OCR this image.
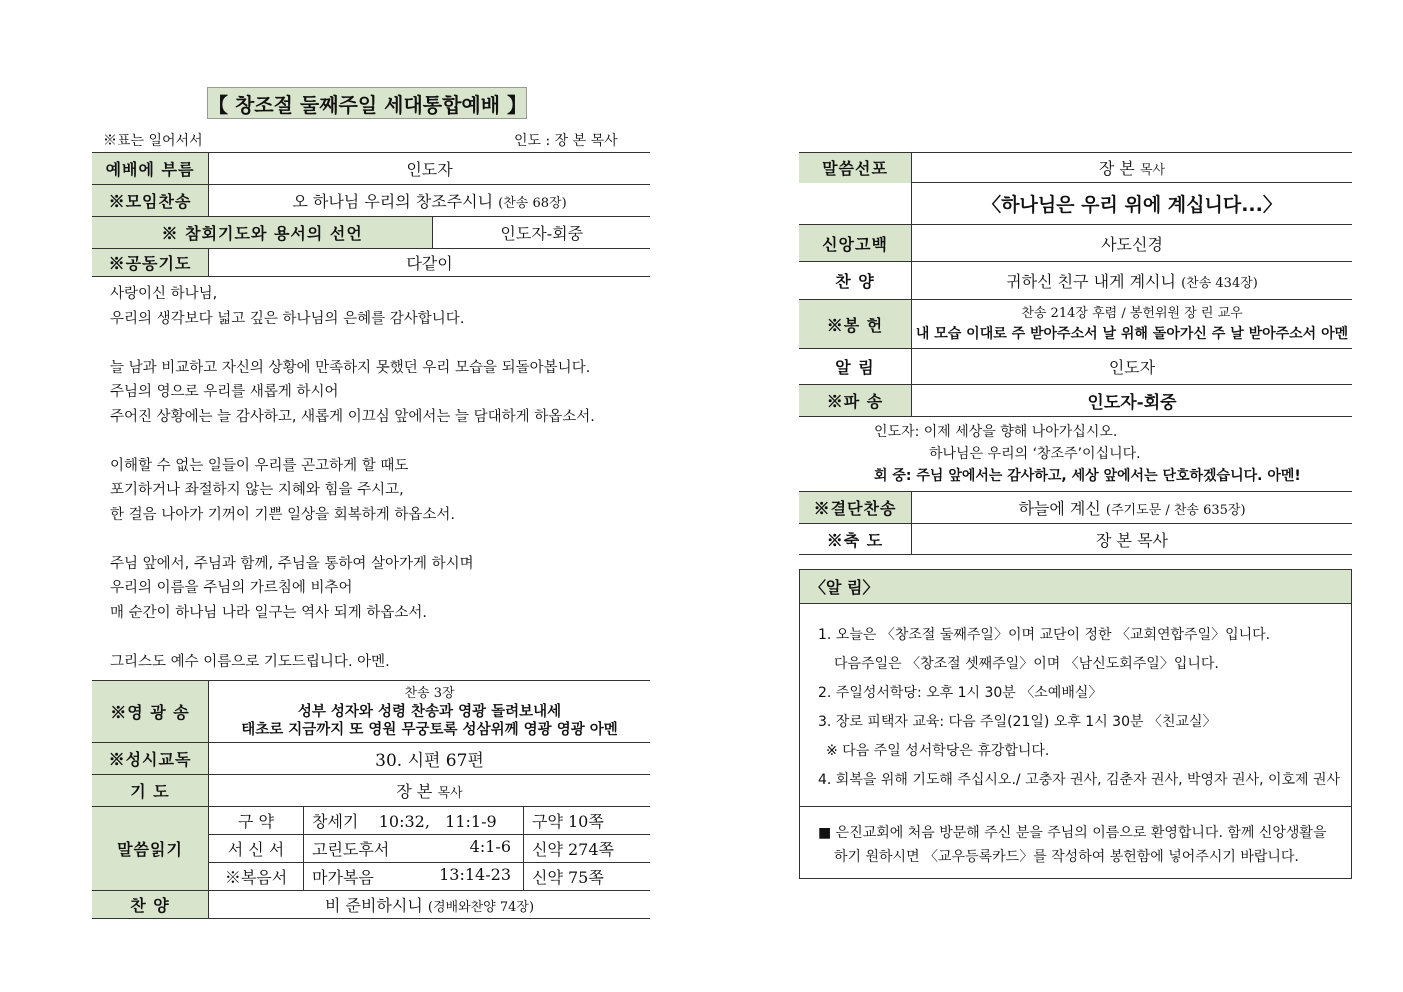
【 창조절 둘째주일 세대통합예배 】
※표는 일어서서	인도 : 장 본 목사
예배에 부름	인도자	
※모임찬송	오 하나님 우리의 창조주시니 (찬송 68장)	
※ 참회기도와 용서의 선언		인도자-회중
※공동기도	다같이	
사랑이신 하나님,
우리의 생각보다 넓고 깊은 하나님의 은혜를 감사합니다.

늘 남과 비교하고 자신의 상황에 만족하지 못했던 우리 모습을 되돌아봅니다.
주님의 영으로 우리를 새롭게 하시어
주어진 상황에는 늘 감사하고, 새롭게 이끄심 앞에서는 늘 담대하게 하옵소서.

이해할 수 없는 일들이 우리를 곤고하게 할 때도
포기하거나 좌절하지 않는 지혜와 힘을 주시고,
한 걸음 나아가 기꺼이 기쁜 일상을 회복하게 하옵소서.

주님 앞에서, 주님과 함께, 주님을 통하여 살아가게 하시며
우리의 이름을 주님의 가르침에 비추어
매 순간이 하나님 나라 일구는 역사 되게 하옵소서.

그리스도 예수 이름으로 기도드립니다. 아멘.
※영 광 송	찬송 3장
성부 성자와 성령 찬송과 영광 돌려보내세
태초로 지금까지 또 영원 무궁토록 성삼위께 영광 영광 아멘		

※성시교독	30. 시편 67편		
기 도	장 본 목사		
말씀읽기	구 약	창세기 10:32,   11:1-9	구약 10쪽
	서 신 서	고린도후서 4:1-6	신약 274쪽
	※복음서	마가복음 13:14-23	신약 75쪽
찬 양	비 준비하시니 (경배와찬양 74장)		
말씀선포	장 본 목사
	〈하나님은 우리 위에 계십니다...〉
신앙고백	사도신경
찬 양	귀하신 친구 내게 계시니 (찬송 434장)
※봉 헌	찬송 214장 후렴 / 봉헌위원 장 린 교우
내 모습 이대로 주 받아주소서 날 위해 돌아가신 주 날 받아주소서 아멘

알 림	인도자
※파 송	인도자-회중
인도자: 이제 세상을 향해 나아가십시오.
하나님은 우리의 ‘창조주’이십니다.
회 중: 주님 앞에서는 감사하고, 세상 앞에서는 단호하겠습니다. 아멘!
※결단찬송	하늘에 계신 (주기도문 / 찬송 635장)
※축 도	장 본 목사
〈알 림〉
1. 오늘은 〈창조절 둘째주일〉이며 교단이 정한 〈교회연합주일〉입니다.
다음주일은 〈창조절 셋째주일〉이며 〈남신도회주일〉입니다.
2. 주일성서학당: 오후 1시 30분 〈소예배실〉
3. 장로 피택자 교육: 다음 주일(21일) 오후 1시 30분 〈친교실〉
※ 다음 주일 성서학당은 휴강합니다.
4. 회복을 위해 기도해 주십시오./ 고충자 권사, 김춘자 권사, 박영자 권사, 이호제 권사
■ 은진교회에 처음 방문해 주신 분을 주님의 이름으로 환영합니다. 함께 신앙생활을
하기 원하시면 〈교우등록카드〉를 작성하여 봉헌함에 넣어주시기 바랍니다.
